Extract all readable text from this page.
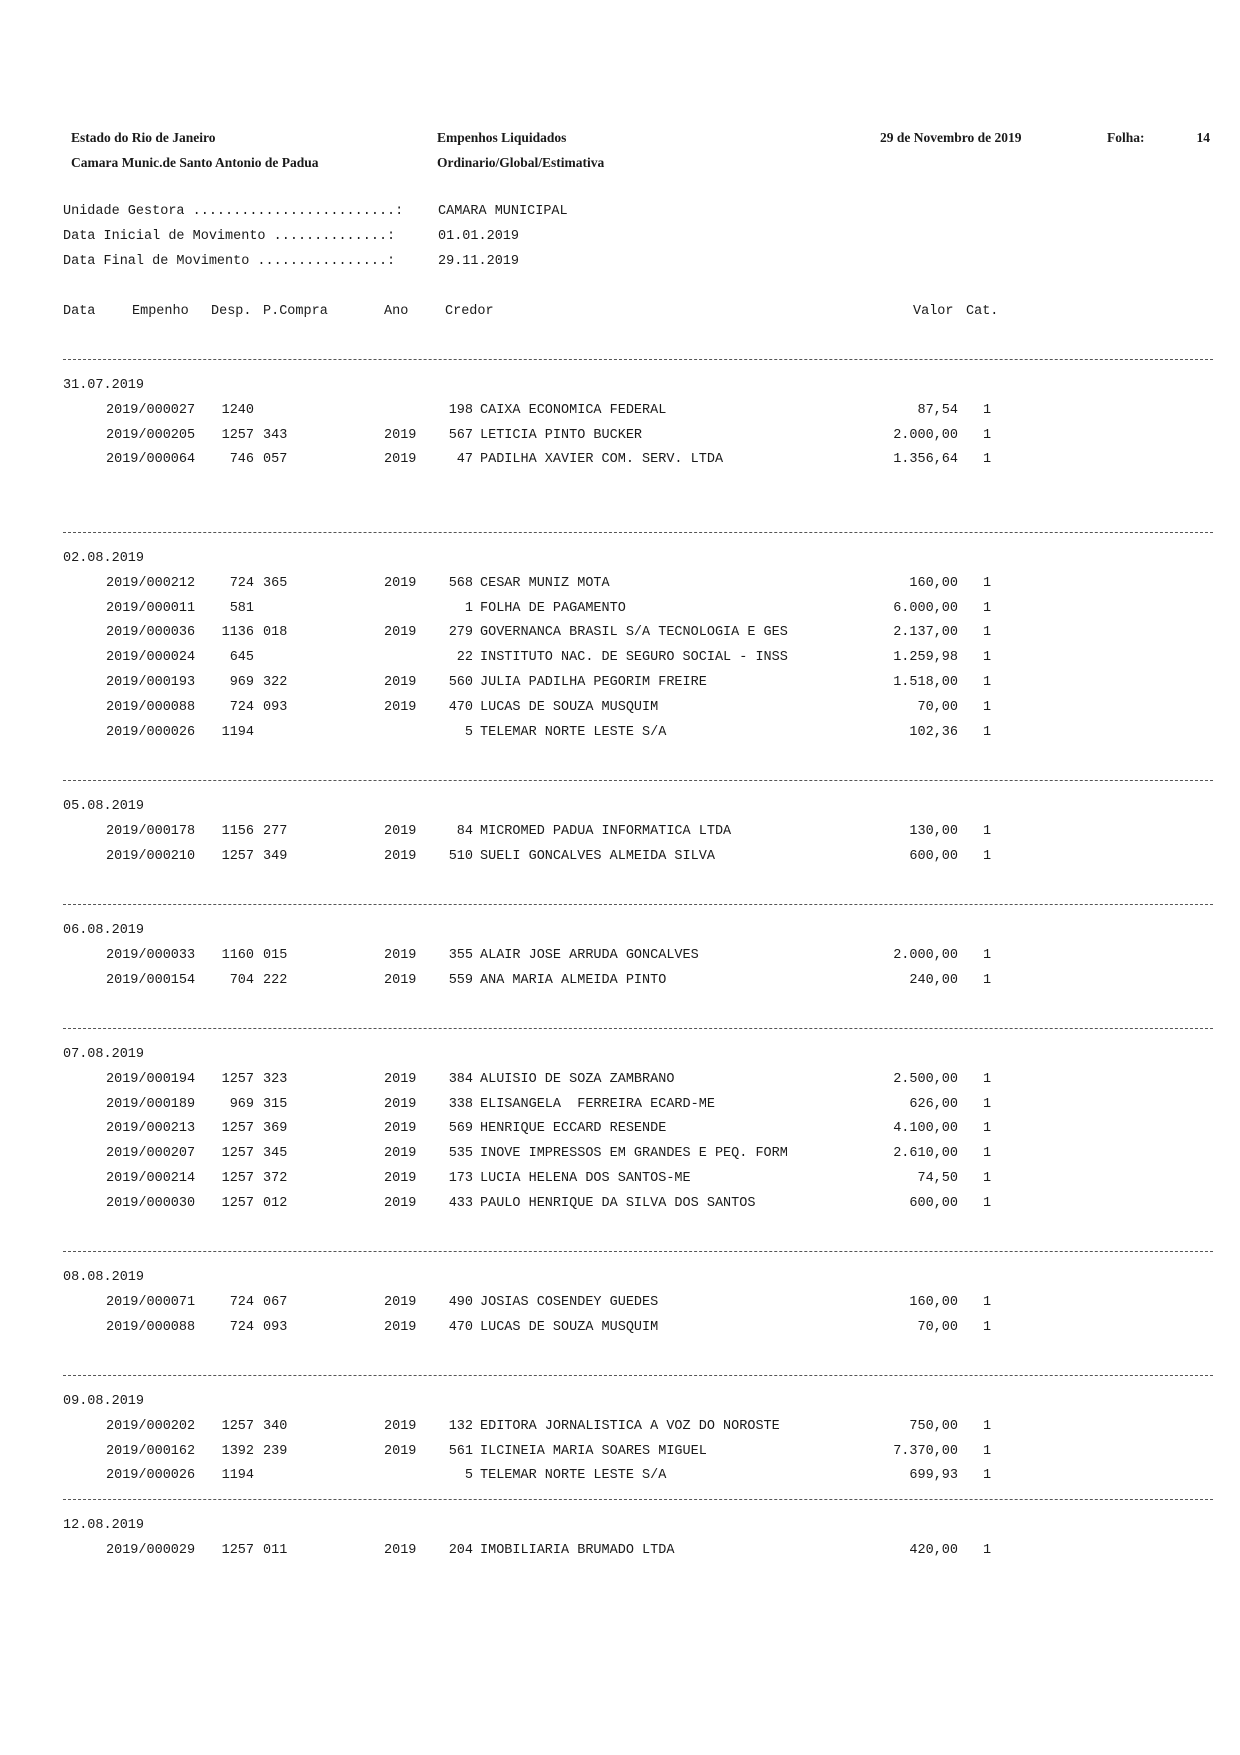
Estado do Rio de Janeiro
Camara Munic.de Santo Antonio de Padua
Empenhos Liquidados
Ordinario/Global/Estimativa
29 de Novembro de 2019	Folha:	14
Unidade Gestora .........................:	CAMARA MUNICIPAL
Data Inicial de Movimento ..............:	01.01.2019
Data Final de Movimento ................:	29.11.2019
Data	Empenho Desp. P.Compra	Ano	Credor	Valor Cat.
31.07.2019
2019/000027	1240	198 CAIXA ECONOMICA FEDERAL	87,54 1
2019/000205	1257 343	2019	567 LETICIA PINTO BUCKER	2.000,00 1
2019/000064	746 057	2019	47 PADILHA XAVIER COM. SERV. LTDA	1.356,64 1
02.08.2019
2019/000212	724 365	2019	568 CESAR MUNIZ MOTA	160,00 1
2019/000011	581	1 FOLHA DE PAGAMENTO	6.000,00 1
2019/000036	1136 018	2019	279 GOVERNANCA BRASIL S/A TECNOLOGIA E GES	2.137,00 1
2019/000024	645	22 INSTITUTO NAC. DE SEGURO SOCIAL - INSS	1.259,98 1
2019/000193	969 322	2019	560 JULIA PADILHA PEGORIM FREIRE	1.518,00 1
2019/000088	724 093	2019	470 LUCAS DE SOUZA MUSQUIM	70,00 1
2019/000026	1194	5 TELEMAR NORTE LESTE S/A	102,36 1
05.08.2019
2019/000178	1156 277	2019	84 MICROMED PADUA INFORMATICA LTDA	130,00 1
2019/000210	1257 349	2019	510 SUELI GONCALVES ALMEIDA SILVA	600,00 1
06.08.2019
2019/000033	1160 015	2019	355 ALAIR JOSE ARRUDA GONCALVES	2.000,00 1
2019/000154	704 222	2019	559 ANA MARIA ALMEIDA PINTO	240,00 1
07.08.2019
2019/000194	1257 323	2019	384 ALUISIO DE SOZA ZAMBRANO	2.500,00 1
2019/000189	969 315	2019	338 ELISANGELA  FERREIRA ECARD-ME	626,00 1
2019/000213	1257 369	2019	569 HENRIQUE ECCARD RESENDE	4.100,00 1
2019/000207	1257 345	2019	535 INOVE IMPRESSOS EM GRANDES E PEQ. FORM	2.610,00 1
2019/000214	1257 372	2019	173 LUCIA HELENA DOS SANTOS-ME	74,50 1
2019/000030	1257 012	2019	433 PAULO HENRIQUE DA SILVA DOS SANTOS	600,00 1
08.08.2019
2019/000071	724 067	2019	490 JOSIAS COSENDEY GUEDES	160,00 1
2019/000088	724 093	2019	470 LUCAS DE SOUZA MUSQUIM	70,00 1
09.08.2019
2019/000202	1257 340	2019	132 EDITORA JORNALISTICA A VOZ DO NOROSTE	750,00 1
2019/000162	1392 239	2019	561 ILCINEIA MARIA SOARES MIGUEL	7.370,00 1
2019/000026	1194	5 TELEMAR NORTE LESTE S/A	699,93 1
12.08.2019
2019/000029	1257 011	2019	204 IMOBILIARIA BRUMADO LTDA	420,00 1
